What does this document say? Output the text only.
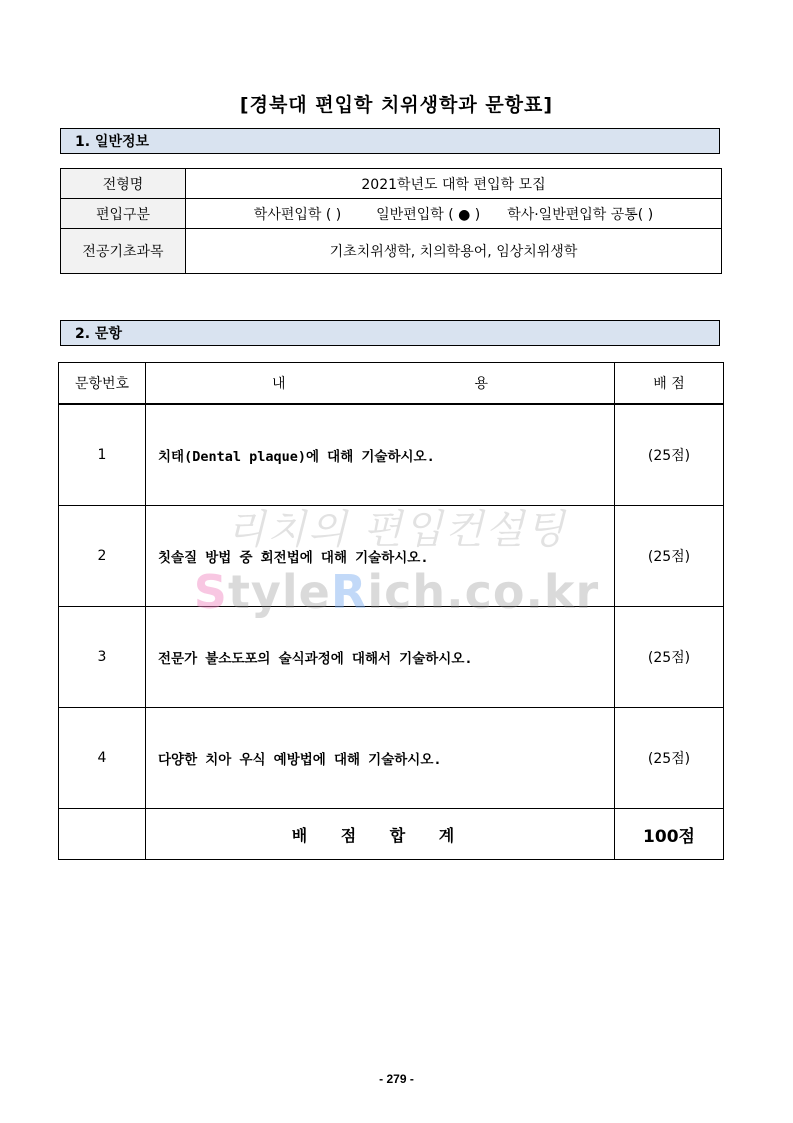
[경북대 편입학 치위생학과 문항표]
1. 일반정보
전형명	2021학년도 대학 편입학 모집
편입구분	학사편입학 ( ) 일반편입학 ( ● ) 학사·일반편입학 공통( )
전공기초과목	기초치위생학, 치의학용어, 임상치위생학
2. 문항
문항번호	내 용	배 점
1	치태(Dental plaque)에 대해 기술하시오.	(25점)
2	칫솔질 방법 중 회전법에 대해 기술하시오.	(25점)
3	전문가 불소도포의 술식과정에 대해서 기술하시오.	(25점)
4	다양한 치아 우식 예방법에 대해 기술하시오.	(25점)
	배 점 합 계	100점
리치의 편입컨설팅
StyleRich.co.kr
- 279 -
